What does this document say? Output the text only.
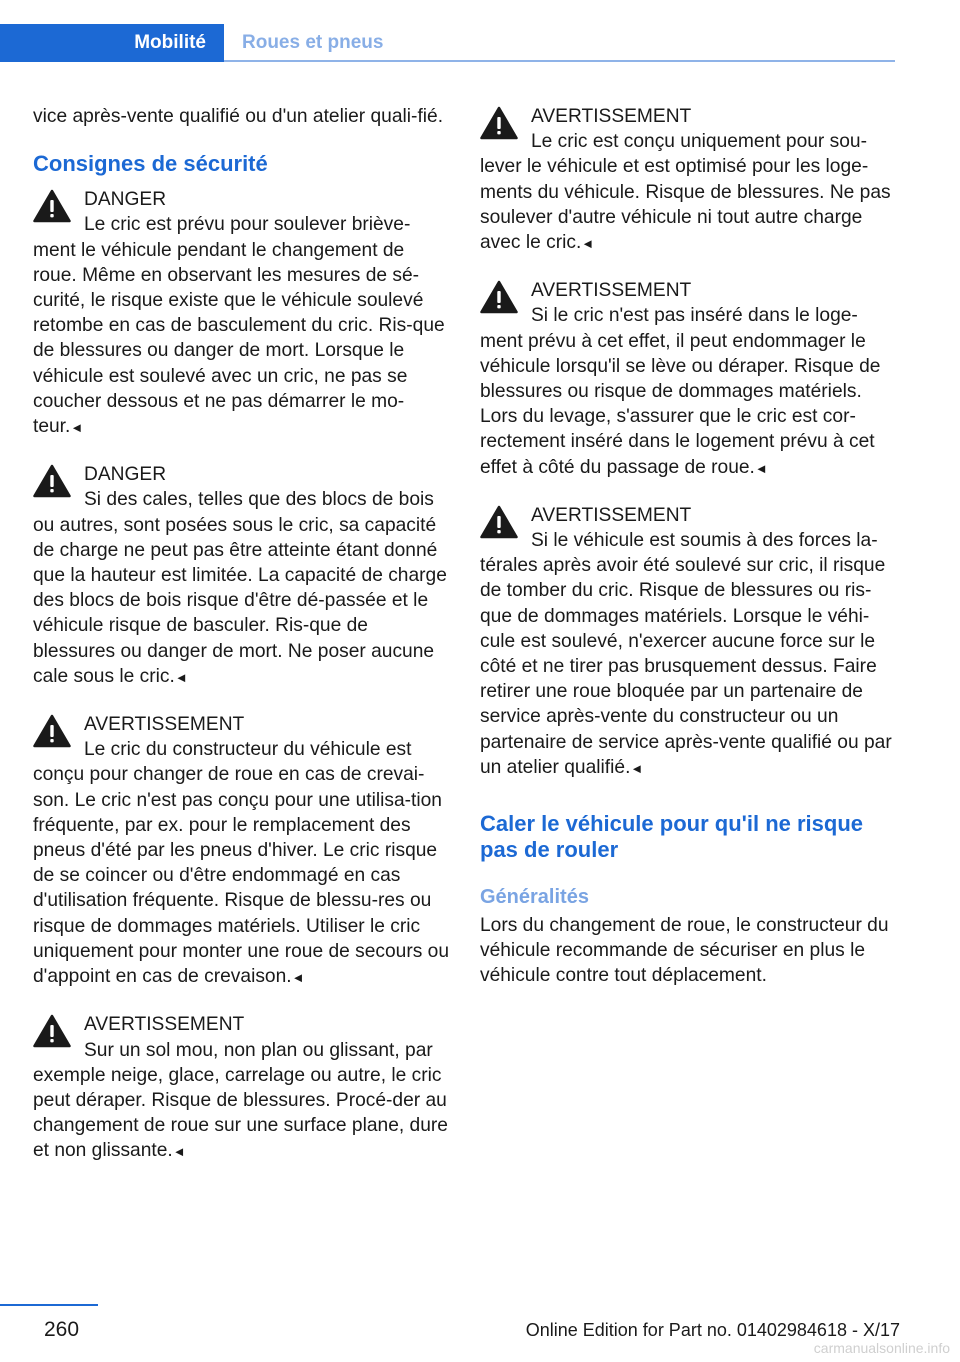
Mobilité	Roues et pneus

vice après-vente qualifié ou d'un atelier quali‐fié.

Consignes de sécurité
DANGER
Le cric est prévu pour soulever briève‐ment le véhicule pendant le changement de roue. Même en observant les mesures de sé‐curité, le risque existe que le véhicule soulevé retombe en cas de basculement du cric. Ris‐que de blessures ou danger de mort. Lorsque le véhicule est soulevé avec un cric, ne pas se coucher dessous et ne pas démarrer le mo‐teur.◄
DANGER
Si des cales, telles que des blocs de bois ou autres, sont posées sous le cric, sa capacité de charge ne peut pas être atteinte étant donné que la hauteur est limitée. La capacité de charge des blocs de bois risque d'être dé‐passée et le véhicule risque de basculer. Ris‐que de blessures ou danger de mort. Ne poser aucune cale sous le cric.◄
AVERTISSEMENT
Le cric du constructeur du véhicule est conçu pour changer de roue en cas de crevai‐son. Le cric n'est pas conçu pour une utilisa‐tion fréquente, par ex. pour le remplacement des pneus d'été par les pneus d'hiver. Le cric risque de se coincer ou d'être endommagé en cas d'utilisation fréquente. Risque de blessu‐res ou risque de dommages matériels. Utiliser le cric uniquement pour monter une roue de secours ou d'appoint en cas de crevaison.◄
AVERTISSEMENT
Sur un sol mou, non plan ou glissant, par exemple neige, glace, carrelage ou autre, le cric peut déraper. Risque de blessures. Procé‐der au changement de roue sur une surface plane, dure et non glissante.◄
AVERTISSEMENT
Le cric est conçu uniquement pour sou‐lever le véhicule et est optimisé pour les loge‐ments du véhicule. Risque de blessures. Ne pas soulever d'autre véhicule ni tout autre charge avec le cric.◄
AVERTISSEMENT
Si le cric n'est pas inséré dans le loge‐ment prévu à cet effet, il peut endommager le véhicule lorsqu'il se lève ou déraper. Risque de blessures ou risque de dommages matériels. Lors du levage, s'assurer que le cric est cor‐rectement inséré dans le logement prévu à cet effet à côté du passage de roue.◄
AVERTISSEMENT
Si le véhicule est soumis à des forces la‐térales après avoir été soulevé sur cric, il risque de tomber du cric. Risque de blessures ou ris‐que de dommages matériels. Lorsque le véhi‐cule est soulevé, n'exercer aucune force sur le côté et ne tirer pas brusquement dessus. Faire retirer une roue bloquée par un partenaire de service après-vente du constructeur ou un partenaire de service après-vente qualifié ou par un atelier qualifié.◄
Caler le véhicule pour qu'il ne risque pas de rouler
Généralités

Lors du changement de roue, le constructeur du véhicule recommande de sécuriser en plus le véhicule contre tout déplacement.

260	Online Edition for Part no. 01402984618 - X/17
carmanualsonline.info
